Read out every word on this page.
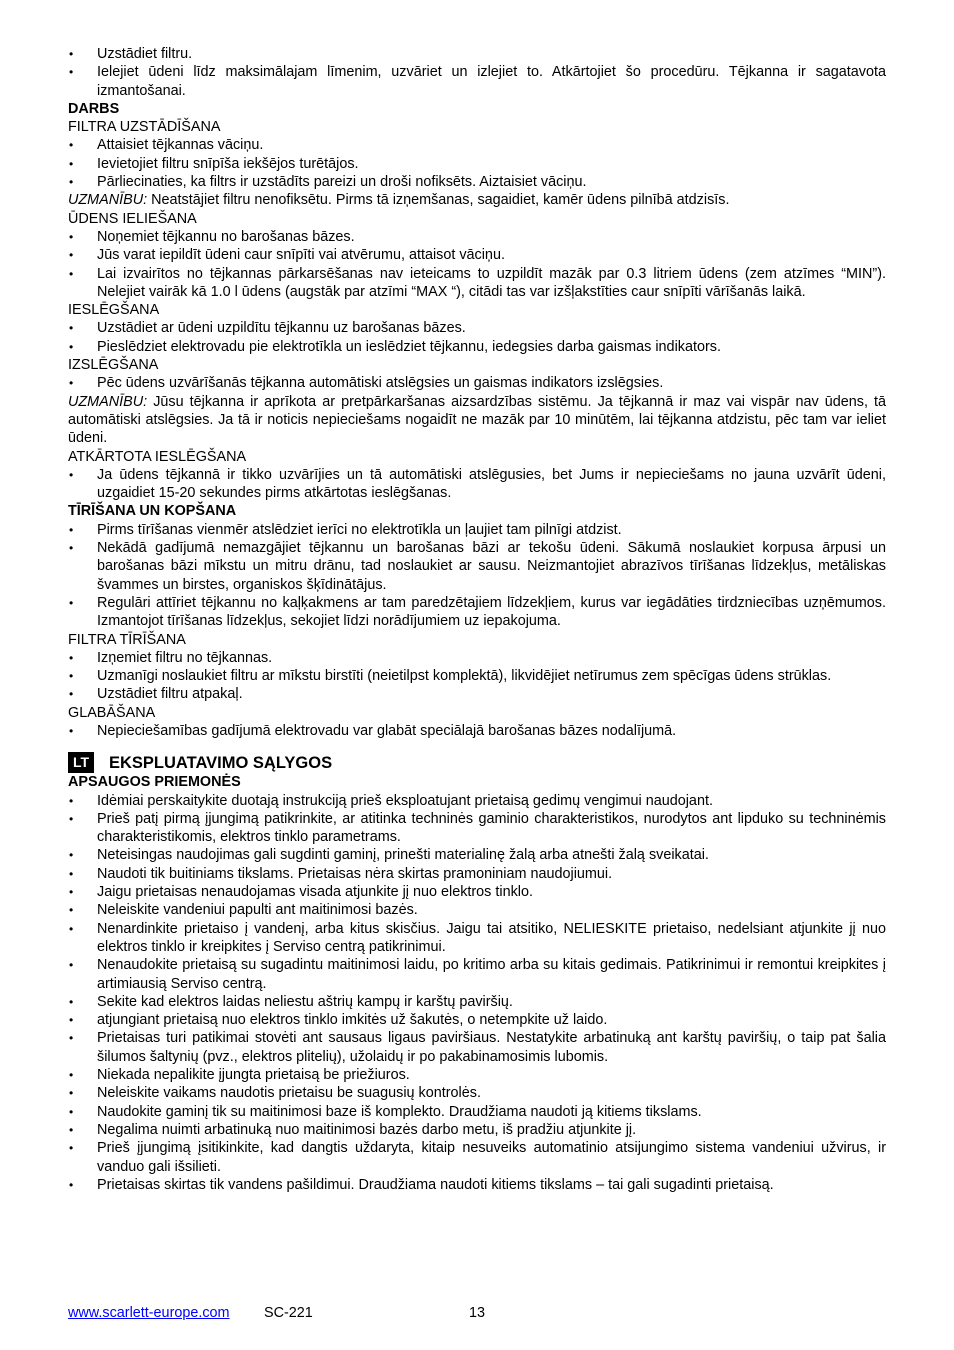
• Uzstādiet filtru.
• Ielejiet ūdeni līdz maksimālajam līmenim, uzvāriet un izlejiet to. Atkārtojiet šo procedūru. Tējkanna ir sagatavota izmantošanai.
DARBS
FILTRA UZSTĀDĪŠANA
• Attaisiet tējkannas vāciņu.
• Ievietojiet filtru snīpīša iekšējos turētājos.
• Pārliecinaties, ka filtrs ir uzstādīts pareizi un droši nofiksēts. Aiztaisiet vāciņu.
UZMANĪBU: Neatstājiet filtru nenofiksētu. Pirms tā izņemšanas, sagaidiet, kamēr ūdens pilnībā atdzisīs.
ŪDENS IELIEŠANA
• Noņemiet tējkannu no barošanas bāzes.
• Jūs varat iepildīt ūdeni caur snīpīti vai atvērumu, attaisot vāciņu.
• Lai izvairītos no tējkannas pārkarsēšanas nav ieteicams to uzpildīt mazāk par 0.3 litriem ūdens (zem atzīmes “MIN”). Nelejiet vairāk kā 1.0 l ūdens (augstāk par atzīmi “MAX “), citādi tas var izšļakstīties caur snīpīti vārīšanās laikā.
IESLĒGŠANA
• Uzstādiet ar ūdeni uzpildītu tējkannu uz barošanas bāzes.
• Pieslēdziet elektrovadu pie elektrotīkla un ieslēdziet tējkannu, iedegsies darba gaismas indikators.
IZSLĒGŠANA
• Pēc ūdens uzvārīšanās tējkanna automātiski atslēgsies un gaismas indikators izslēgsies.
UZMANĪBU: Jūsu tējkanna ir aprīkota ar pretpārkaršanas aizsardzības sistēmu. Ja tējkannā ir maz vai vispār nav ūdens, tā automātiski atslēgsies. Ja tā ir noticis nepieciešams nogaidīt ne mazāk par 10 minūtēm, lai tējkanna atdzistu, pēc tam var ieliet ūdeni.
ATKĀRTOTA IESLĒGŠANA
• Ja ūdens tējkannā ir tikko uzvārījies un tā automātiski atslēgusies, bet Jums ir nepieciešams no jauna uzvārīt ūdeni, uzgaidiet 15-20 sekundes pirms atkārtotas ieslēgšanas.
TĪRĪŠANA UN KOPŠANA
• Pirms tīrīšanas vienmēr atslēdziet ierīci no elektrotīkla un ļaujiet tam pilnīgi atdzist.
• Nekādā gadījumā nemazgājiet tējkannu un barošanas bāzi ar tekošu ūdeni. Sākumā noslaukiet korpusa ārpusi un barošanas bāzi mīkstu un mitru drānu, tad noslaukiet ar sausu. Neizmantojiet abrazīvos tīrīšanas līdzekļus, metāliskas švammes un birstes, organiskos šķīdinātājus.
• Regulāri attīriet tējkannu no kaļķakmens ar tam paredzētajiem līdzekļiem, kurus var iegādāties tirdzniecības uzņēmumos. Izmantojot tīrīšanas līdzekļus, sekojiet līdzi norādījumiem uz iepakojuma.
FILTRA TĪRĪŠANA
• Izņemiet filtru no tējkannas.
• Uzmanīgi noslaukiet filtru ar mīkstu birstīti (neietilpst komplektā), likvidējiet netīrumus zem spēcīgas ūdens strūklas.
• Uzstādiet filtru atpakaļ.
GLABĀŠANA
• Nepieciešamības gadījumā elektrovadu var glabāt speciālajā barošanas bāzes nodalījumā.
LT	EKSPLUATAVIMO SĄLYGOS
APSAUGOS PRIEMONĖS
• Idėmiai perskaitykite duotają instrukciją prieš eksploatujant prietaisą gedimų vengimui naudojant.
• Prieš patį pirmą įjungimą patikrinkite, ar atitinka techninės gaminio charakteristikos, nurodytos ant lipduko su techninėmis charakteristikomis, elektros tinklo parametrams.
• Neteisingas naudojimas gali sugdinti gaminį, prinešti materialinę žalą arba atnešti žalą sveikatai.
• Naudoti tik buitiniams tikslams. Prietaisas nėra skirtas pramoniniam naudojiumui.
• Jaigu prietaisas nenaudojamas visada atjunkite jį nuo elektros tinklo.
• Neleiskite vandeniui papulti ant maitinimosi bazės.
• Nenardinkite prietaiso į vandenį, arba kitus skisčius. Jaigu tai atsitiko, NELIESKITE prietaiso, nedelsiant atjunkite jį nuo elektros tinklo ir kreipkites į Serviso centrą patikrinimui.
• Nenaudokite prietaisą su sugadintu maitinimosi laidu, po kritimo arba su kitais gedimais. Patikrinimui ir remontui kreipkites į artimiausią Serviso centrą.
• Sekite kad elektros laidas neliestu aštrių kampų ir karštų paviršių.
• atjungiant prietaisą nuo elektros tinklo imkitės už šakutės, o netempkite už laido.
• Prietaisas turi patikimai stovėti ant sausaus ligaus paviršiaus. Nestatykite arbatinuką ant karštų paviršių, o taip pat šalia šilumos šaltynių (pvz., elektros plitelių), užolaidų ir po pakabinamosimis lubomis.
• Niekada nepalikite įjungta prietaisą be priežiuros.
• Neleiskite vaikams naudotis prietaisu be suagusių kontrolės.
• Naudokite gaminį tik su maitinimosi baze iš komplekto. Draudžiama naudoti ją kitiems tikslams.
• Negalima nuimti arbatinuką nuo maitinimosi bazės darbo metu, iš pradžiu atjunkite jį.
• Prieš įjungimą įsitikinkite, kad dangtis uždaryta, kitaip nesuveiks automatinio atsijungimo sistema vandeniui užvirus, ir vanduo gali išsilieti.
• Prietaisas skirtas tik vandens pašildimui. Draudžiama naudoti kitiems tikslams – tai gali sugadinti prietaisą.
www.scarlett-europe.com SC-221	13
